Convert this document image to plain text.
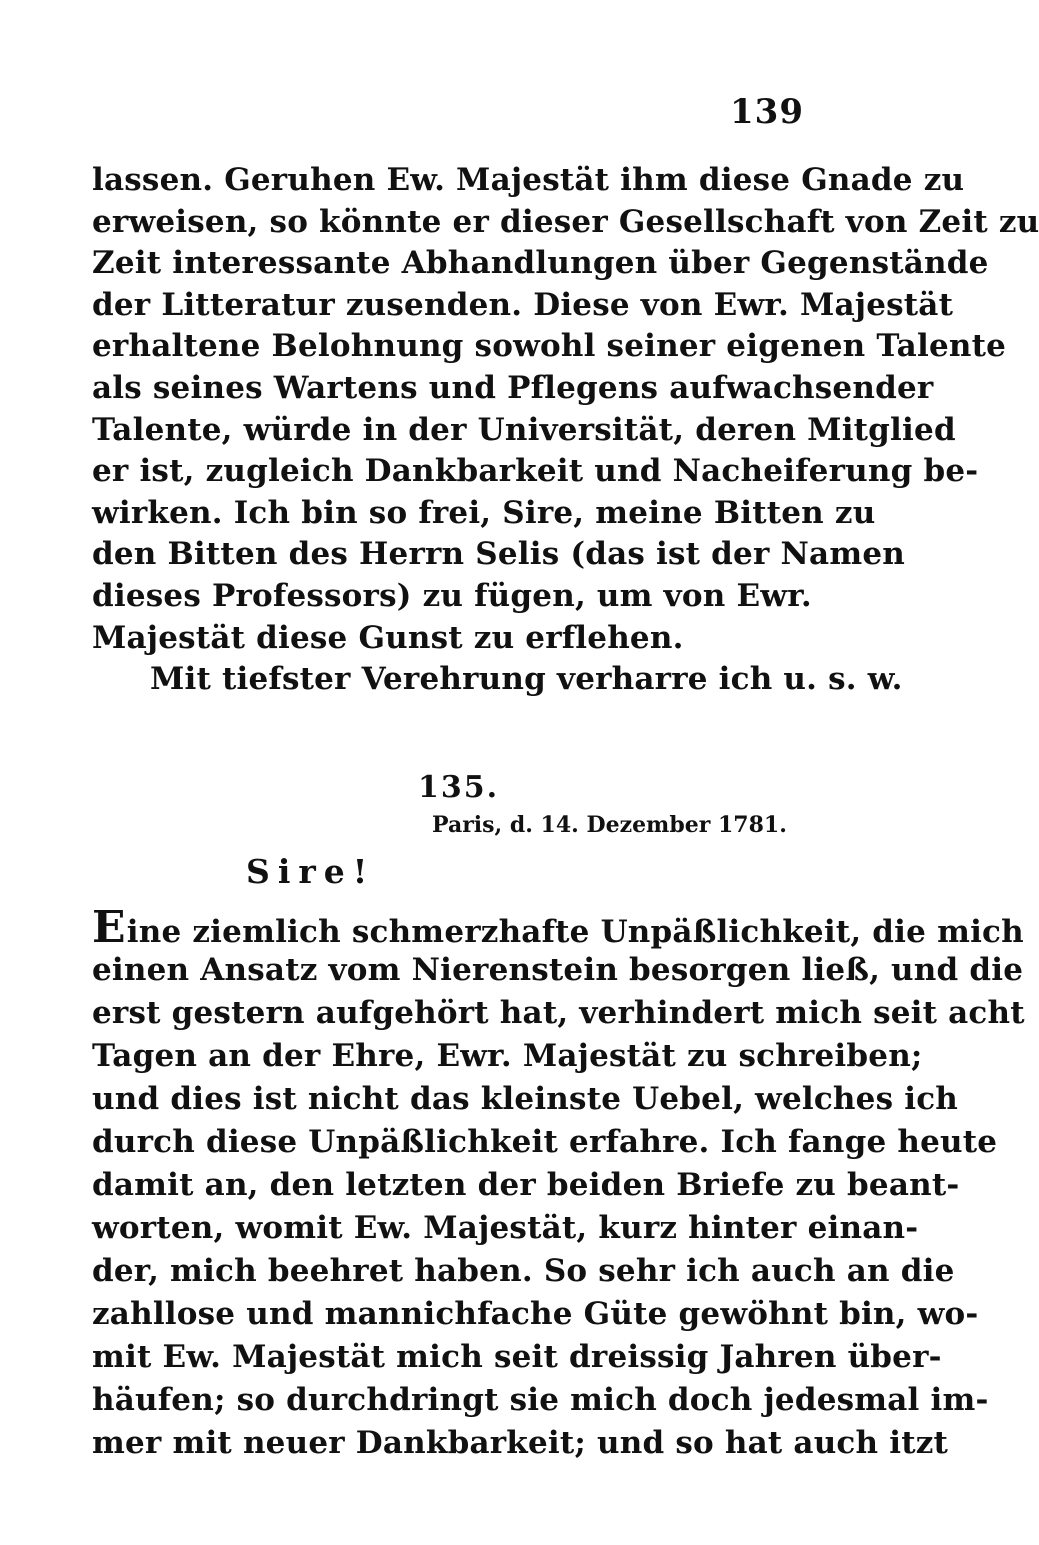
139
lassen. Geruhen Ew. Majestät ihm diese Gnade zu
erweisen, so könnte er dieser Gesellschaft von Zeit zu
Zeit interessante Abhandlungen über Gegenstände
der Litteratur zusenden. Diese von Ewr. Majestät
erhaltene Belohnung sowohl seiner eigenen Talente
als seines Wartens und Pflegens aufwachsender
Talente, würde in der Universität, deren Mitglied
er ist, zugleich Dankbarkeit und Nacheiferung be-
wirken. Ich bin so frei, Sire, meine Bitten zu
den Bitten des Herrn Selis (das ist der Namen
dieses Professors) zu fügen, um von Ewr.
Majestät diese Gunst zu erflehen.
Mit tiefster Verehrung verharre ich u. s. w.
135.
Paris, d. 14. Dezember 1781.
Sire!
Eine ziemlich schmerzhafte Unpäßlichkeit, die mich
einen Ansatz vom Nierenstein besorgen ließ, und die
erst gestern aufgehört hat, verhindert mich seit acht
Tagen an der Ehre, Ewr. Majestät zu schreiben;
und dies ist nicht das kleinste Uebel, welches ich
durch diese Unpäßlichkeit erfahre. Ich fange heute
damit an, den letzten der beiden Briefe zu beant-
worten, womit Ew. Majestät, kurz hinter einan-
der, mich beehret haben. So sehr ich auch an die
zahllose und mannichfache Güte gewöhnt bin, wo-
mit Ew. Majestät mich seit dreissig Jahren über-
häufen; so durchdringt sie mich doch jedesmal im-
mer mit neuer Dankbarkeit; und so hat auch itzt
